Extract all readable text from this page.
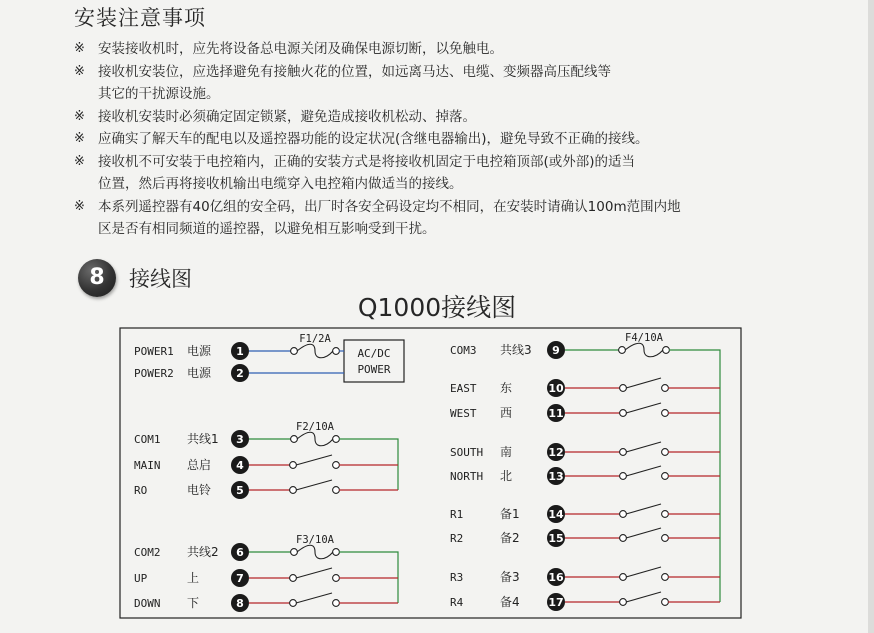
安装注意事项
※ 安装接收机时，应先将设备总电源关闭及确保电源切断，以免触电。
※ 接收机安装位，应选择避免有接触火花的位置，如远离马达、电缆、变频器高压配线等
其它的干扰源设施。
※ 接收机安装时必须确定固定锁紧，避免造成接收机松动、掉落。
※ 应确实了解天车的配电以及遥控器功能的设定状况(含继电器输出)，避免导致不正确的接线。
※ 接收机不可安装于电控箱内，正确的安装方式是将接收机固定于电控箱顶部(或外部)的适当
位置，然后再将接收机输出电缆穿入电控箱内做适当的接线。
※ 本系列遥控器有40亿组的安全码，出厂时各安全码设定均不相同，在安装时请确认100m范围内地
区是否有相同频道的遥控器，以避免相互影响受到干扰。
8	接线图
Q1000接线图
AC/DC
POWER
F1/2A
F2/10A
F3/10A
F4/10A
POWER1 电源 1
POWER2 电源 2
COM1 共线1 3
MAIN 总启 4
RO	电铃 5
COM2 共线2 6
UP	上	7
DOWN 下	8
COM3 共线3 9
EAST 东	10
WEST 西	11
SOUTH 南	12
NORTH 北	13
R1	备1	14
R2	备2	15
R3	备3	16
R4	备4	17
